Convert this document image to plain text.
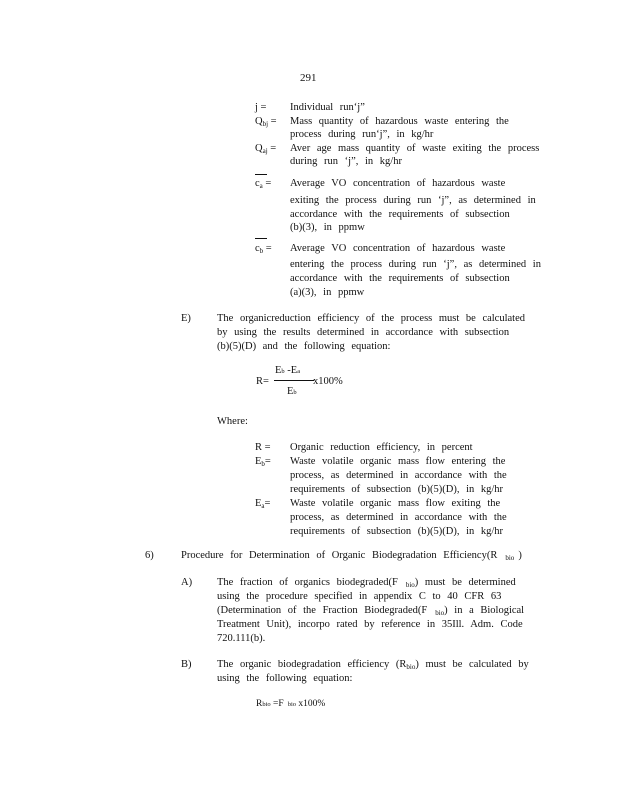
291
j = Individual run‘j”
$Q_{bj}$ = Mass quantity of hazardous waste entering the
process during run‘j”, in kg/hr
$Q_{aj}$ = Aver age mass quantity of waste exiting the process
during run ‘j”, in kg/hr
$c_a$ = Average VO concentration of hazardous waste
exiting the process during run ‘j”, as determined in
accordance with the requirements of subsection
(b)(3), in ppmw
$c_b$ = Average VO concentration of hazardous waste
entering the process during run ‘j”, as determined in
accordance with the requirements of subsection
(a)(3), in ppmw
E) The organicreduction efficiency of the process must be calculated
by using the results determined in accordance with subsection
(b)(5)(D) and the following equation:
R=
Eb -Ea
Eb
x100%
Where:
R = Organic reduction efficiency, in percent
$E_b=$ Waste volatile organic mass flow entering the
process, as determined in accordance with the
requirements of subsection (b)(5)(D), in kg/hr
$E_a=$ Waste volatile organic mass flow exiting the
process, as determined in accordance with the
requirements of subsection (b)(5)(D), in kg/hr
6)	Procedure for Determination of Organic Biodegradation Efficiency(R $_{bio}$ )
A) The fraction of organics biodegraded(F $_{bio}$) must be determined
using the procedure specified in appendix C to 40 CFR 63
(Determination of the Fraction Biodegraded(F $_{bio}$) in a Biological
Treatment Unit), incorpo rated by reference in 35Ill. Adm. Code
720.111(b).
B) The organic biodegradation efficiency $(R_{bio})$ must be calculated by
using the following equation:
Rbio =F bio x100%
